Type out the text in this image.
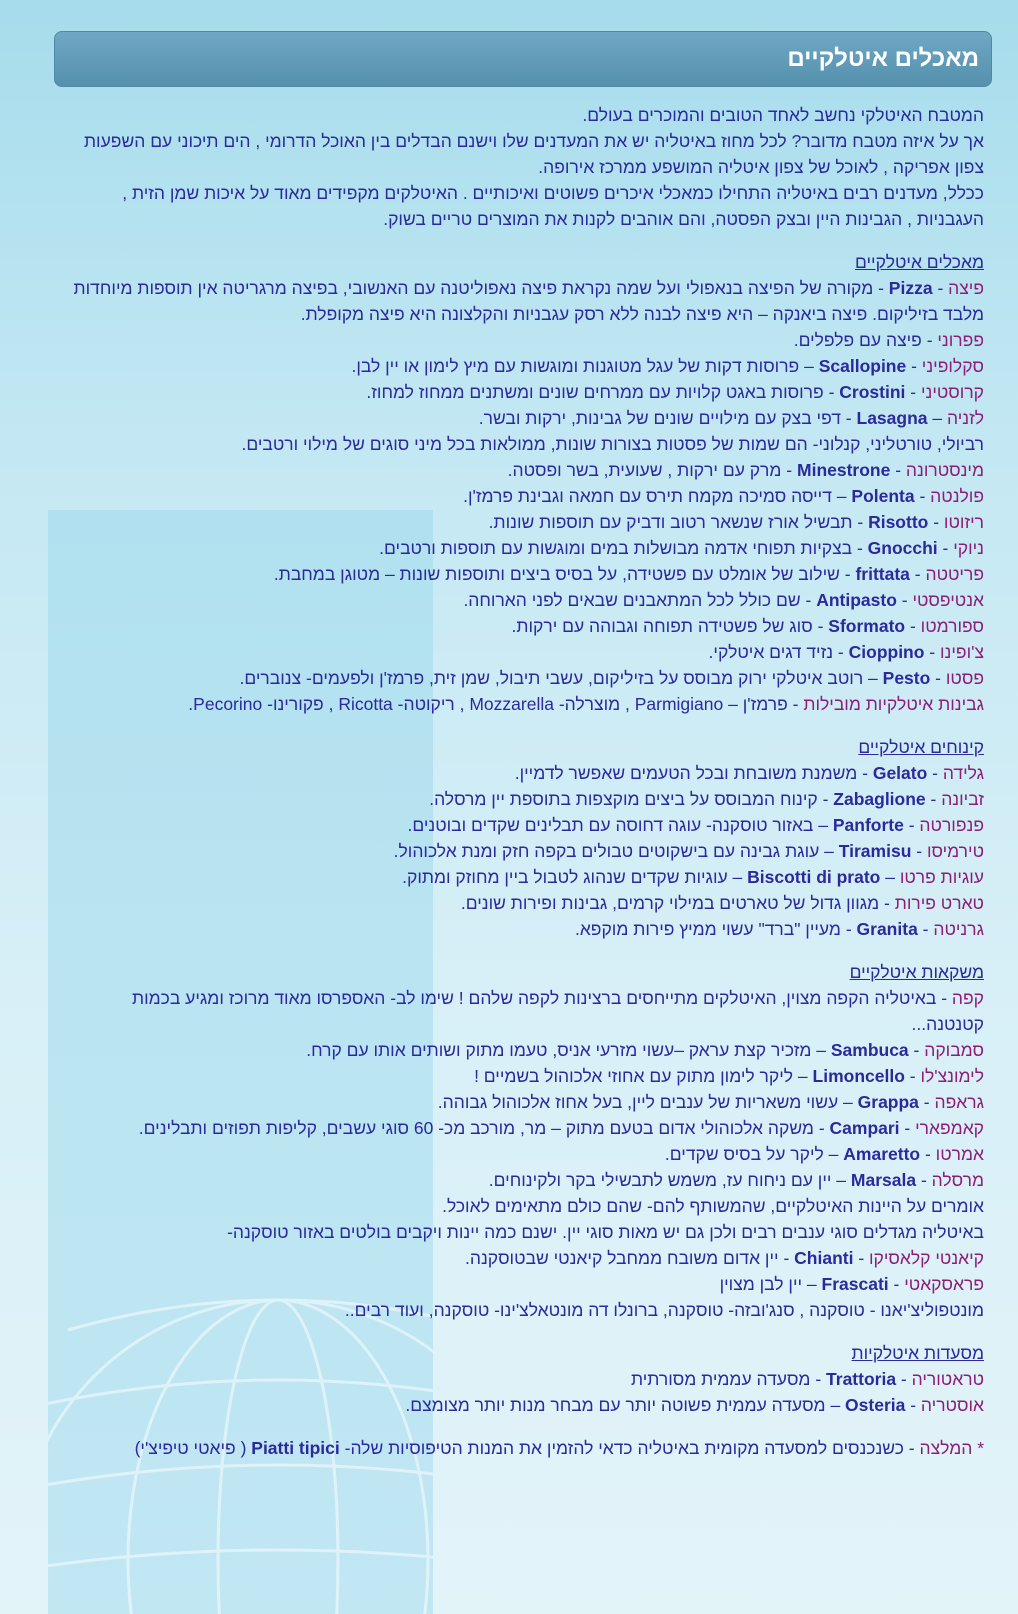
מאכלים איטלקיים

המטבח האיטלקי נחשב לאחד הטובים והמוכרים בעולם.

אך על איזה מטבח מדובר? לכל מחוז באיטליה יש את המעדנים שלו וישנם הבדלים בין האוכל הדרומי , הים תיכוני עם השפעות צפון אפריקה , לאוכל של צפון איטליה המושפע ממרכז אירופה.

ככלל, מעדנים רבים באיטליה התחילו כמאכלי איכרים פשוטים ואיכותיים . האיטלקים מקפידים מאוד על איכות שמן הזית , העגבניות , הגבינות היין ובצק הפסטה, והם אוהבים לקנות את המוצרים טריים בשוק.

מאכלים איטלקיים

פיצה - Pizza - מקורה של הפיצה בנאפולי ועל שמה נקראת פיצה נאפוליטנה עם האנשובי, בפיצה מרגריטה אין תוספות מיוחדות מלבד בזיליקום. פיצה ביאנקה – היא פיצה לבנה ללא רסק עגבניות והקלצונה היא פיצה מקופלת.

פפרוני - פיצה עם פלפלים.

סקלופיני - Scallopine – פרוסות דקות של עגל מטוגנות ומוגשות עם מיץ לימון או יין לבן.

קרוסטיני - Crostini - פרוסות באגט קלויות עם ממרחים שונים ומשתנים ממחוז למחוז.

לזניה – Lasagna - דפי בצק עם מילויים שונים של גבינות, ירקות ובשר.

רביולי, טורטליני, קנלוני- הם שמות של פסטות בצורות שונות, ממולאות בכל מיני סוגים של מילוי ורטבים.

מינסטרונה - Minestrone - מרק עם ירקות , שעועית, בשר ופסטה.

פולנטה - Polenta – דייסה סמיכה מקמח תירס עם חמאה וגבינת פרמז'ן.

ריזוטו - Risotto - תבשיל אורז שנשאר רטוב ודביק עם תוספות שונות.

ניוקי - Gnocchi - בצקיות תפוחי אדמה מבושלות במים ומוגשות עם תוספות ורטבים.

פריטטה - frittata - שילוב של אומלט עם פשטידה, על בסיס ביצים ותוספות שונות – מטוגן במחבת.

אנטיפסטי - Antipasto - שם כולל לכל המתאבנים שבאים לפני הארוחה.

ספורמטו - Sformato - סוג של פשטידה תפוחה וגבוהה עם ירקות.

צ'ופינו - Cioppino - נזיד דגים איטלקי.

פסטו - Pesto – רוטב איטלקי ירוק מבוסס על בזיליקום, עשבי תיבול, שמן זית, פרמז'ן ולפעמים- צנוברים.

גבינות איטלקיות מובילות - פרמז'ן – Parmigiano , מוצרלה- Mozzarella , ריקוטה- Ricotta , פקורינו- Pecorino.

קינוחים איטלקיים

גלידה - Gelato - משמנת משובחת ובכל הטעמים שאפשר לדמיין.

זביונה - Zabaglione - קינוח המבוסס על ביצים מוקצפות בתוספת יין מרסלה.

פנפורטה - Panforte – באזור טוסקנה- עוגה דחוסה עם תבלינים שקדים ובוטנים.

טירמיסו - Tiramisu – עוגת גבינה עם בישקוטים טבולים בקפה חזק ומנת אלכוהול.

עוגיות פרטו – Biscotti di prato – עוגיות שקדים שנהוג לטבול ביין מחוזק ומתוק.

טארט פירות - מגוון גדול של טארטים במילוי קרמים, גבינות ופירות שונים.

גרניטה - Granita - מעיין "ברד" עשוי ממיץ פירות מוקפא.

משקאות איטלקיים

קפה - באיטליה הקפה מצוין, האיטלקים מתייחסים ברצינות לקפה שלהם ! שימו לב- האספרסו מאוד מרוכז ומגיע בכמות קטנטנה...

סמבוקה - Sambuca – מזכיר קצת עראק –עשוי מזרעי אניס, טעמו מתוק ושותים אותו עם קרח.

לימונצ'לו - Limoncello – ליקר לימון מתוק עם אחוזי אלכוהול בשמיים !

גראפה - Grappa – עשוי משאריות של ענבים ליין, בעל אחוז אלכוהול גבוהה.

קאמפארי - Campari - משקה אלכוהולי אדום בטעם מתוק – מר, מורכב מכ- 60 סוגי עשבים, קליפות תפוזים ותבלינים.

אמרטו - Amaretto – ליקר על בסיס שקדים.

מרסלה - Marsala – יין עם ניחוח עז, משמש לתבשילי בקר ולקינוחים.

אומרים על היינות האיטלקיים, שהמשותף להם- שהם כולם מתאימים לאוכל.

באיטליה מגדלים סוגי ענבים רבים ולכן גם יש מאות סוגי יין. ישנם כמה יינות ויקבים בולטים באזור טוסקנה-

קיאנטי קלאסיקו - Chianti - יין אדום משובח ממחבל קיאנטי שבטוסקנה.

פראסקאטי - Frascati – יין לבן מצוין

מונטפוליצ'יאנו - טוסקנה , סנג'ובזה- טוסקנה, ברונלו דה מונטאלצ'ינו- טוסקנה, ועוד רבים..

מסעדות איטלקיות

טראטוריה - Trattoria - מסעדה עממית מסורתית

אוסטריה - Osteria – מסעדה עממית פשוטה יותר עם מבחר מנות יותר מצומצם.

* המלצה - כשנכנסים למסעדה מקומית באיטליה כדאי להזמין את המנות הטיפוסיות שלה- Piatti tipici ( פיאטי טיפיצ'י)
